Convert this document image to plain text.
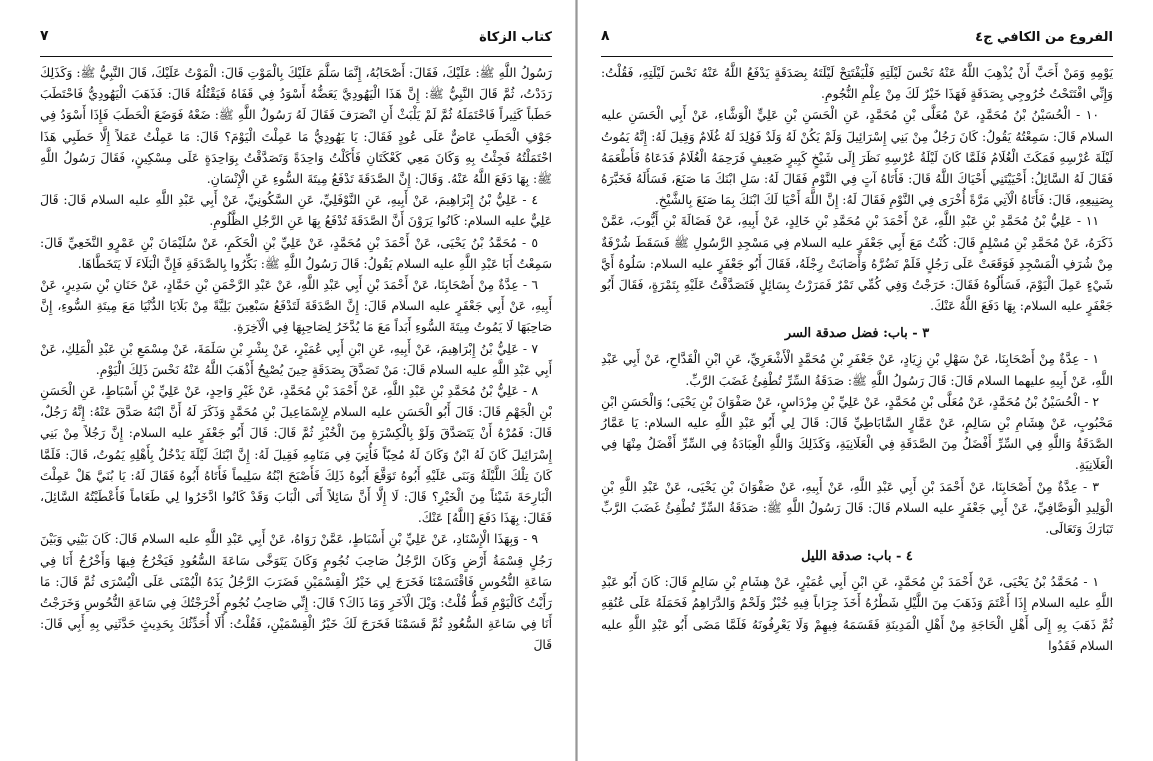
كتاب الزكاة
٧

رَسُولُ اللَّهِ ﷺ: عَلَيْكَ، فَقَالَ: أَصْحَابُهُ، إِنَّمَا سَلَّمَ عَلَيْكَ بِالْمَوْتِ قَالَ: الْمَوْتُ عَلَيْكَ، قَالَ النَّبِيُّ ﷺ: وَكَذَلِكَ رَدَدْتُ، ثُمَّ قَالَ النَّبِيُّ ﷺ: إِنَّ هَذَا الْيَهُودِيَّ يَعَضُّهُ أَسْوَدُ فِي قَفَاهُ فَيَقْتُلُهُ قَالَ: فَذَهَبَ الْيَهُودِيُّ فَاحْتَطَبَ حَطَباً كَثِيراً فَاحْتَمَلَهُ ثُمَّ لَمْ يَلْبَثْ أَنِ انْصَرَفَ فَقَالَ لَهُ رَسُولُ اللَّهِ ﷺ: ضَعْهُ فَوَضَعَ الْحَطَبَ فَإِذَا أَسْوَدُ فِي جَوْفِ الْحَطَبِ عَاضٌّ عَلَى عُودٍ فَقَالَ: يَا يَهُودِيُّ مَا عَمِلْتَ الْيَوْمَ؟ قَالَ: مَا عَمِلْتُ عَمَلاً إِلَّا حَطَبِي هَذَا احْتَمَلْتُهُ فَجِئْتُ بِهِ وَكَانَ مَعِي كَعْكَتَانِ فَأَكَلْتُ وَاحِدَةً وَتَصَدَّقْتُ بِوَاحِدَةٍ عَلَى مِسْكِينٍ، فَقَالَ رَسُولُ اللَّهِ ﷺ: بِهَا دَفَعَ اللَّهُ عَنْهُ. وَقَالَ: إِنَّ الصَّدَقَةَ تَدْفَعُ مِيتَةَ السُّوءِ عَنِ الْإِنْسَانِ.

٤ - عَلِيُّ بْنُ إِبْرَاهِيمَ، عَنْ أَبِيهِ، عَنِ النَّوْفَلِيِّ، عَنِ السَّكُونِيِّ، عَنْ أَبِي عَبْدِ اللَّهِ عليه السلام قَالَ: قَالَ عَلِيٌّ عليه السلام: كَانُوا يَرَوْنَ أَنَّ الصَّدَقَةَ تُدْفَعُ بِهَا عَنِ الرَّجُلِ الظَّلُومِ.

٥ - مُحَمَّدُ بْنُ يَحْيَى، عَنْ أَحْمَدَ بْنِ مُحَمَّدٍ، عَنْ عَلِيِّ بْنِ الْحَكَمِ، عَنْ سُلَيْمَانَ بْنِ عَمْرٍو النَّخَعِيِّ قَالَ: سَمِعْتُ أَبَا عَبْدِ اللَّهِ عليه السلام يَقُولُ: قَالَ رَسُولُ اللَّهِ ﷺ: بَكِّرُوا بِالصَّدَقَةِ فَإِنَّ الْبَلَاءَ لَا يَتَخَطَّاهَا.

٦ - عِدَّةٌ مِنْ أَصْحَابِنَا، عَنْ أَحْمَدَ بْنِ أَبِي عَبْدِ اللَّهِ، عَنْ عَبْدِ الرَّحْمَنِ بْنِ حَمَّادٍ، عَنْ حَنَانِ بْنِ سَدِيرٍ، عَنْ أَبِيهِ، عَنْ أَبِي جَعْفَرٍ عليه السلام قَالَ: إِنَّ الصَّدَقَةَ لَتَدْفَعُ سَبْعِينَ بَلِيَّةً مِنْ بَلَايَا الدُّنْيَا مَعَ مِيتَةِ السُّوءِ، إِنَّ صَاحِبَهَا لَا يَمُوتُ مِيتَةَ السُّوءِ أَبَداً مَعَ مَا يُدَّخَرُ لِصَاحِبِهَا فِي الْآخِرَةِ.

٧ - عَلِيُّ بْنُ إِبْرَاهِيمَ، عَنْ أَبِيهِ، عَنِ ابْنِ أَبِي عُمَيْرٍ، عَنْ بِشْرِ بْنِ سَلَمَةَ، عَنْ مِسْمَعِ بْنِ عَبْدِ الْمَلِكِ، عَنْ أَبِي عَبْدِ اللَّهِ عليه السلام قَالَ: مَنْ تَصَدَّقَ بِصَدَقَةٍ حِينَ يُصْبِحُ أَذْهَبَ اللَّهُ عَنْهُ نَحْسَ ذَلِكَ الْيَوْمِ.

٨ - عَلِيُّ بْنُ مُحَمَّدِ بْنِ عَبْدِ اللَّهِ، عَنْ أَحْمَدَ بْنِ مُحَمَّدٍ، عَنْ غَيْرِ وَاحِدٍ، عَنْ عَلِيِّ بْنِ أَسْبَاطٍ، عَنِ الْحَسَنِ بْنِ الْجَهْمِ قَالَ: قَالَ أَبُو الْحَسَنِ عليه السلام لِإِسْمَاعِيلَ بْنِ مُحَمَّدٍ وَذَكَرَ لَهُ أَنَّ ابْنَهُ صَدَّقَ عَنْهُ: إِنَّهُ رَجُلٌ، قَالَ: فَمُرْهُ أَنْ يَتَصَدَّقَ وَلَوْ بِالْكِسْرَةِ مِنَ الْخُبْزِ ثُمَّ قَالَ: قَالَ أَبُو جَعْفَرٍ عليه السلام: إِنَّ رَجُلاً مِنْ بَنِي إِسْرَائِيلَ كَانَ لَهُ ابْنٌ وَكَانَ لَهُ مُحِبّاً فَأُتِيَ فِي مَنَامِهِ فَقِيلَ لَهُ: إِنَّ ابْنَكَ لَيْلَةَ يَدْخُلُ بِأَهْلِهِ يَمُوتُ، قَالَ: فَلَمَّا كَانَ تِلْكَ اللَّيْلَةُ وَبَنَى عَلَيْهِ أَبُوهُ تَوَقَّعَ أَبُوهُ ذَلِكَ فَأَصْبَحَ ابْنُهُ سَلِيماً فَأَتَاهُ أَبُوهُ فَقَالَ لَهُ: يَا بُنَيَّ هَلْ عَمِلْتَ الْبَارِحَةَ شَيْئاً مِنَ الْخَيْرِ؟ قَالَ: لَا إِلَّا أَنَّ سَائِلاً أَتَى الْبَابَ وَقَدْ كَانُوا ادَّخَرُوا لِي طَعَاماً فَأَعْطَيْتُهُ السَّائِلَ، فَقَالَ: بِهَذَا دَفَعَ [اللَّهُ] عَنْكَ.

٩ - وَبِهَذَا الْإِسْنَادِ، عَنْ عَلِيِّ بْنِ أَسْبَاطٍ، عَمَّنْ رَوَاهُ، عَنْ أَبِي عَبْدِ اللَّهِ عليه السلام قَالَ: كَانَ بَيْنِي وَبَيْنَ رَجُلٍ قِسْمَةُ أَرْضٍ وَكَانَ الرَّجُلُ صَاحِبَ نُجُومٍ وَكَانَ يَتَوَخَّى سَاعَةَ السُّعُودِ فَيَخْرُجُ فِيهَا وَأَخْرُجُ أَنَا فِي سَاعَةِ النُّحُوسِ فَاقْتَسَمْنَا فَخَرَجَ لِي خَيْرُ الْقِسْمَيْنِ فَضَرَبَ الرَّجُلُ يَدَهُ الْيُمْنَى عَلَى الْيُسْرَى ثُمَّ قَالَ: مَا رَأَيْتُ كَالْيَوْمِ قَطُّ قُلْتُ: وَيْلَ الْآخَرِ وَمَا ذَاكَ؟ قَالَ: إِنِّي صَاحِبُ نُجُومٍ أَخْرَجْتُكَ فِي سَاعَةِ النُّحُوسِ وَخَرَجْتُ أَنَا فِي سَاعَةِ السُّعُودِ ثُمَّ قَسَمْنَا فَخَرَجَ لَكَ خَيْرُ الْقِسْمَيْنِ، فَقُلْتُ: أَلَا أُحَدِّثُكَ بِحَدِيثٍ حَدَّثَنِي بِهِ أَبِي قَالَ: قَالَ

الفروع من الكافي ج٤
٨

يَوْمِهِ وَمَنْ أَحَبَّ أَنْ يُذْهِبَ اللَّهُ عَنْهُ نَحْسَ لَيْلَتِهِ فَلْيَفْتَتِحْ لَيْلَتَهُ بِصَدَقَةٍ يَدْفَعُ اللَّهُ عَنْهُ نَحْسَ لَيْلَتِهِ، فَقُلْتُ: وَإِنِّي افْتَتَحْتُ خُرُوجِي بِصَدَقَةٍ فَهَذَا خَيْرٌ لَكَ مِنْ عِلْمِ النُّجُومِ.

١٠ - الْحُسَيْنُ بْنُ مُحَمَّدٍ، عَنْ مُعَلَّى بْنِ مُحَمَّدٍ، عَنِ الْحَسَنِ بْنِ عَلِيٍّ الْوَشَّاءِ، عَنْ أَبِي الْحَسَنِ عليه السلام قَالَ: سَمِعْتُهُ يَقُولُ: كَانَ رَجُلٌ مِنْ بَنِي إِسْرَائِيلَ وَلَمْ يَكُنْ لَهُ وَلَدٌ فَوُلِدَ لَهُ غُلَامٌ وَقِيلَ لَهُ: إِنَّهُ يَمُوتُ لَيْلَةَ عُرْسِهِ فَمَكَثَ الْغُلَامُ فَلَمَّا كَانَ لَيْلَةُ عُرْسِهِ نَظَرَ إِلَى شَيْخٍ كَبِيرٍ ضَعِيفٍ فَرَحِمَهُ الْغُلَامُ فَدَعَاهُ فَأَطْعَمَهُ فَقَالَ لَهُ السَّائِلُ: أَحْيَيْتَنِي أَحْيَاكَ اللَّهُ قَالَ: فَأَتَاهُ آتٍ فِي النَّوْمِ فَقَالَ لَهُ: سَلِ ابْنَكَ مَا صَنَعَ، فَسَأَلَهُ فَخَبَّرَهُ بِصَنِيعِهِ، قَالَ: فَأَتَاهُ الْآتِي مَرَّةً أُخْرَى فِي النَّوْمِ فَقَالَ لَهُ: إِنَّ اللَّهَ أَحْيَا لَكَ ابْنَكَ بِمَا صَنَعَ بِالشَّيْخِ.

١١ - عَلِيُّ بْنُ مُحَمَّدِ بْنِ عَبْدِ اللَّهِ، عَنْ أَحْمَدَ بْنِ مُحَمَّدِ بْنِ خَالِدٍ، عَنْ أَبِيهِ، عَنْ فَضَالَةَ بْنِ أَيُّوبَ، عَمَّنْ ذَكَرَهُ، عَنْ مُحَمَّدِ بْنِ مُسْلِمٍ قَالَ: كُنْتُ مَعَ أَبِي جَعْفَرٍ عليه السلام فِي مَسْجِدِ الرَّسُولِ ﷺ فَسَقَطَ شُرْفَةٌ مِنْ شُرَفِ الْمَسْجِدِ فَوَقَعَتْ عَلَى رَجُلٍ فَلَمْ تَضُرَّهُ وَأَصَابَتْ رِجْلَهُ، فَقَالَ أَبُو جَعْفَرٍ عليه السلام: سَلُوهُ أَيَّ شَيْءٍ عَمِلَ الْيَوْمَ، فَسَأَلُوهُ فَقَالَ: خَرَجْتُ وَفِي كُمِّي تَمْرٌ فَمَرَرْتُ بِسَائِلٍ فَتَصَدَّقْتُ عَلَيْهِ بِتَمْرَةٍ، فَقَالَ أَبُو جَعْفَرٍ عليه السلام: بِهَا دَفَعَ اللَّهُ عَنْكَ.

٣ - باب: فضل صدقة السر

١ - عِدَّةٌ مِنْ أَصْحَابِنَا، عَنْ سَهْلِ بْنِ زِيَادٍ، عَنْ جَعْفَرِ بْنِ مُحَمَّدٍ الْأَشْعَرِيِّ، عَنِ ابْنِ الْقَدَّاحِ، عَنْ أَبِي عَبْدِ اللَّهِ، عَنْ أَبِيهِ عليهما السلام قَالَ: قَالَ رَسُولُ اللَّهِ ﷺ: صَدَقَةُ السِّرِّ تُطْفِئُ غَضَبَ الرَّبِّ.

٢ - الْحُسَيْنُ بْنُ مُحَمَّدٍ، عَنْ مُعَلَّى بْنِ مُحَمَّدٍ، عَنْ عَلِيِّ بْنِ مِرْدَاسٍ، عَنْ صَفْوَانَ بْنِ يَحْيَى؛ وَالْحَسَنِ ابْنِ مَحْبُوبٍ، عَنْ هِشَامِ بْنِ سَالِمٍ، عَنْ عَمَّارٍ السَّابَاطِيِّ قَالَ: قَالَ لِي أَبُو عَبْدِ اللَّهِ عليه السلام: يَا عَمَّارُ الصَّدَقَةُ وَاللَّهِ فِي السِّرِّ أَفْضَلُ مِنَ الصَّدَقَةِ فِي الْعَلَانِيَةِ، وَكَذَلِكَ وَاللَّهِ الْعِبَادَةُ فِي السِّرِّ أَفْضَلُ مِنْهَا فِي الْعَلَانِيَةِ.

٣ - عِدَّةٌ مِنْ أَصْحَابِنَا، عَنْ أَحْمَدَ بْنِ أَبِي عَبْدِ اللَّهِ، عَنْ أَبِيهِ، عَنْ صَفْوَانَ بْنِ يَحْيَى، عَنْ عَبْدِ اللَّهِ بْنِ الْوَلِيدِ الْوَصَّافِيِّ، عَنْ أَبِي جَعْفَرٍ عليه السلام قَالَ: قَالَ رَسُولُ اللَّهِ ﷺ: صَدَقَةُ السِّرِّ تُطْفِئُ غَضَبَ الرَّبِّ تَبَارَكَ وَتَعَالَى.

٤ - باب: صدقة الليل

١ - مُحَمَّدُ بْنُ يَحْيَى، عَنْ أَحْمَدَ بْنِ مُحَمَّدٍ، عَنِ ابْنِ أَبِي عُمَيْرٍ، عَنْ هِشَامِ بْنِ سَالِمٍ قَالَ: كَانَ أَبُو عَبْدِ اللَّهِ عليه السلام إِذَا أَعْتَمَ وَذَهَبَ مِنَ اللَّيْلِ شَطْرُهُ أَخَذَ جِرَاباً فِيهِ خُبْزٌ وَلَحْمٌ وَالدَّرَاهِمُ فَحَمَلَهُ عَلَى عُنُقِهِ ثُمَّ ذَهَبَ بِهِ إِلَى أَهْلِ الْحَاجَةِ مِنْ أَهْلِ الْمَدِينَةِ فَقَسَمَهُ فِيهِمْ وَلَا يَعْرِفُونَهُ فَلَمَّا مَضَى أَبُو عَبْدِ اللَّهِ عليه السلام فَقَدُوا
